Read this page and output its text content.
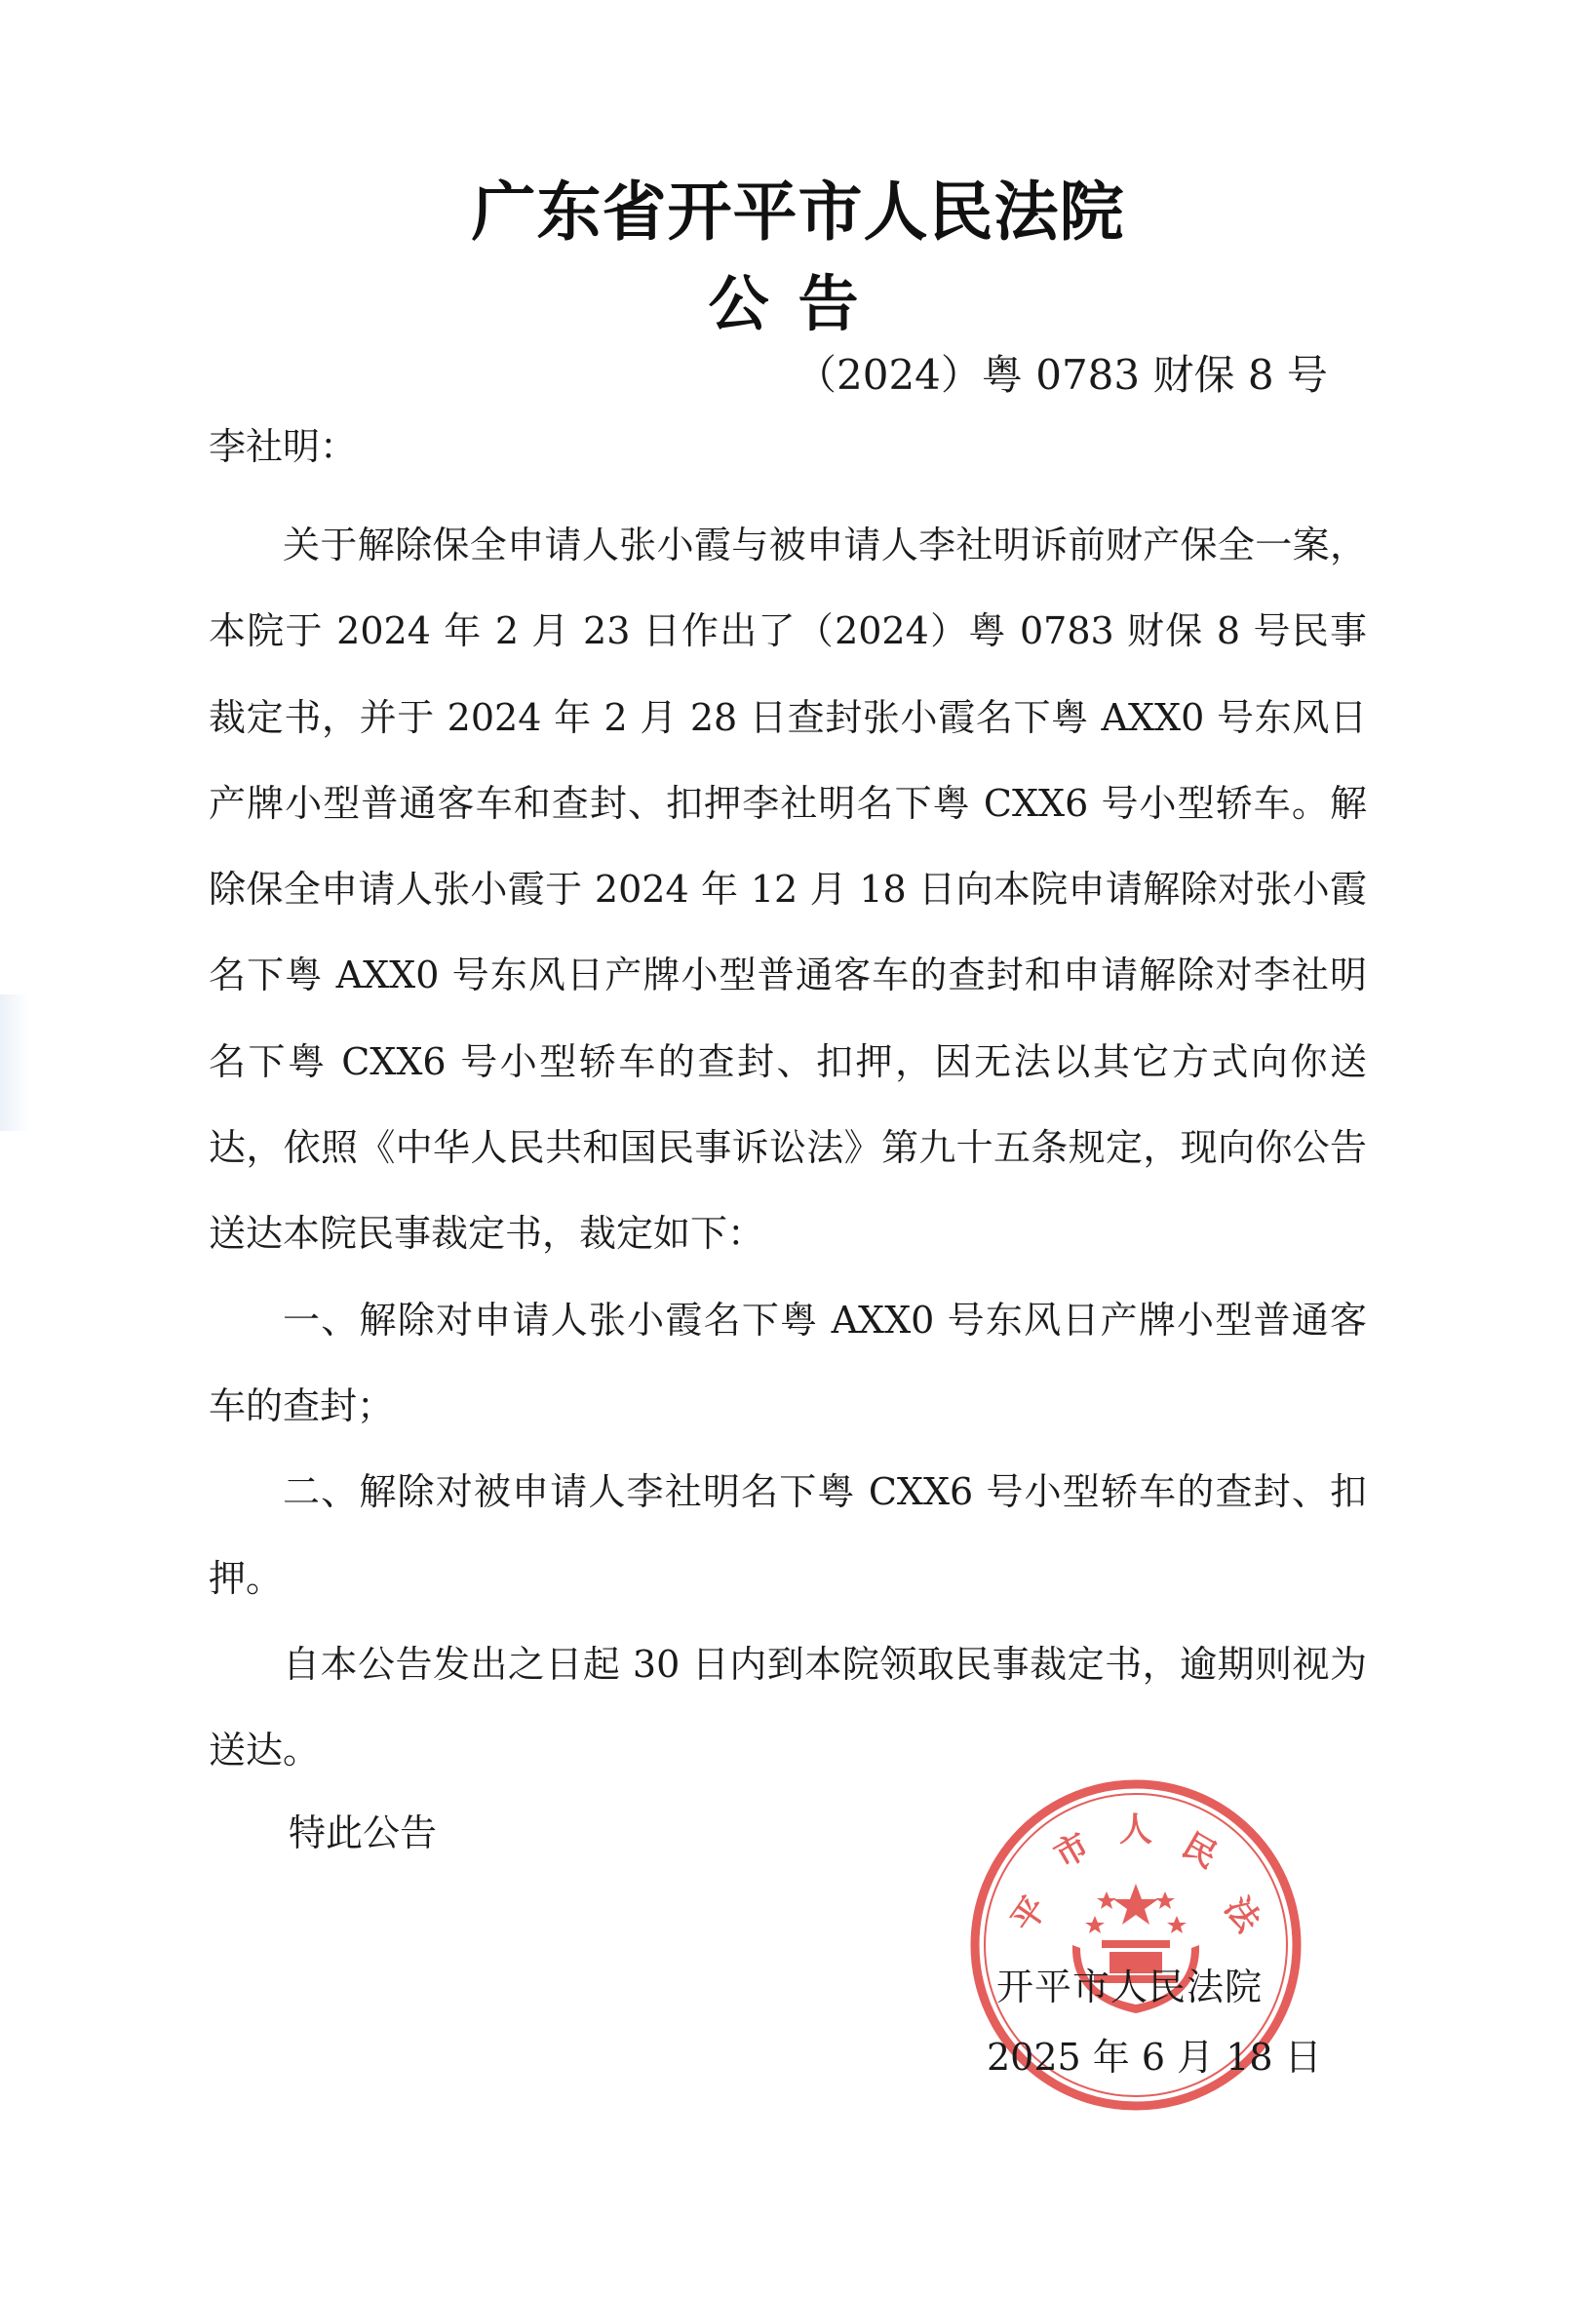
广东省开平市人民法院
公告
（2024）粤 0783 财保 8 号

李社明：

关于解除保全申请人张小霞与被申请人李社明诉前财产保全一案，本院于 2024 年 2 月 23 日作出了（2024）粤 0783 财保 8 号民事裁定书，并于 2024 年 2 月 28 日查封张小霞名下粤 AXX0 号东风日产牌小型普通客车和查封、扣押李社明名下粤 CXX6 号小型轿车。解除保全申请人张小霞于 2024 年 12 月 18 日向本院申请解除对张小霞名下粤 AXX0 号东风日产牌小型普通客车的查封和申请解除对李社明名下粤 CXX6 号小型轿车的查封、扣押，因无法以其它方式向你送达，依照《中华人民共和国民事诉讼法》第九十五条规定，现向你公告送达本院民事裁定书，裁定如下：

一、解除对申请人张小霞名下粤 AXX0 号东风日产牌小型普通客车的查封；

二、解除对被申请人李社明名下粤 CXX6 号小型轿车的查封、扣押。

自本公告发出之日起 30 日内到本院领取民事裁定书，逾期则视为送达。

特此公告

平
市 人 民
法

开平市人民法院

2025 年 6 月 18 日
